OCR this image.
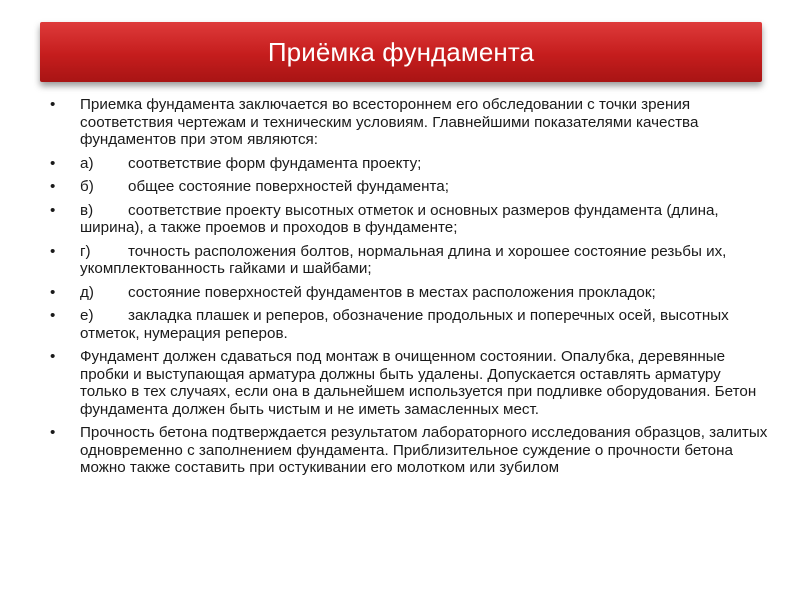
Приёмка фундамента
•	Приемка фундамента заключается во всестороннем его обследовании с точки зрения соответствия чертежам и техническим условиям. Главнейшими показателями качества фундаментов при этом являются:
•	а) соответствие форм фундамента проекту;
•	б) общее состояние поверхностей фундамента;
•	в) соответствие проекту высотных отметок и основных размеров фундамента (длина, ширина), а также проемов и проходов в фундаменте;
•	г) точность расположения болтов, нормальная длина и хорошее состояние резьбы их, укомплектованность гайками и шайбами;
•	д) состояние поверхностей фундаментов в местах расположения прокладок;
•	е) закладка плашек и реперов, обозначение продольных и поперечных осей, высотных отметок, нумерация реперов.
•	Фундамент должен сдаваться под монтаж в очищенном состоянии. Опалубка, деревянные пробки и выступающая арматура должны быть удалены. Допускается оставлять арматуру только в тех случаях, если она в дальнейшем используется при подливке оборудования. Бетон фундамента должен быть чистым и не иметь замасленных мест.
•	Прочность бетона подтверждается результатом лабораторного исследования образцов, залитых одновременно с заполнением фундамента. Приблизительное суждение о прочности бетона можно также составить при остукивании его молотком или зубилом
